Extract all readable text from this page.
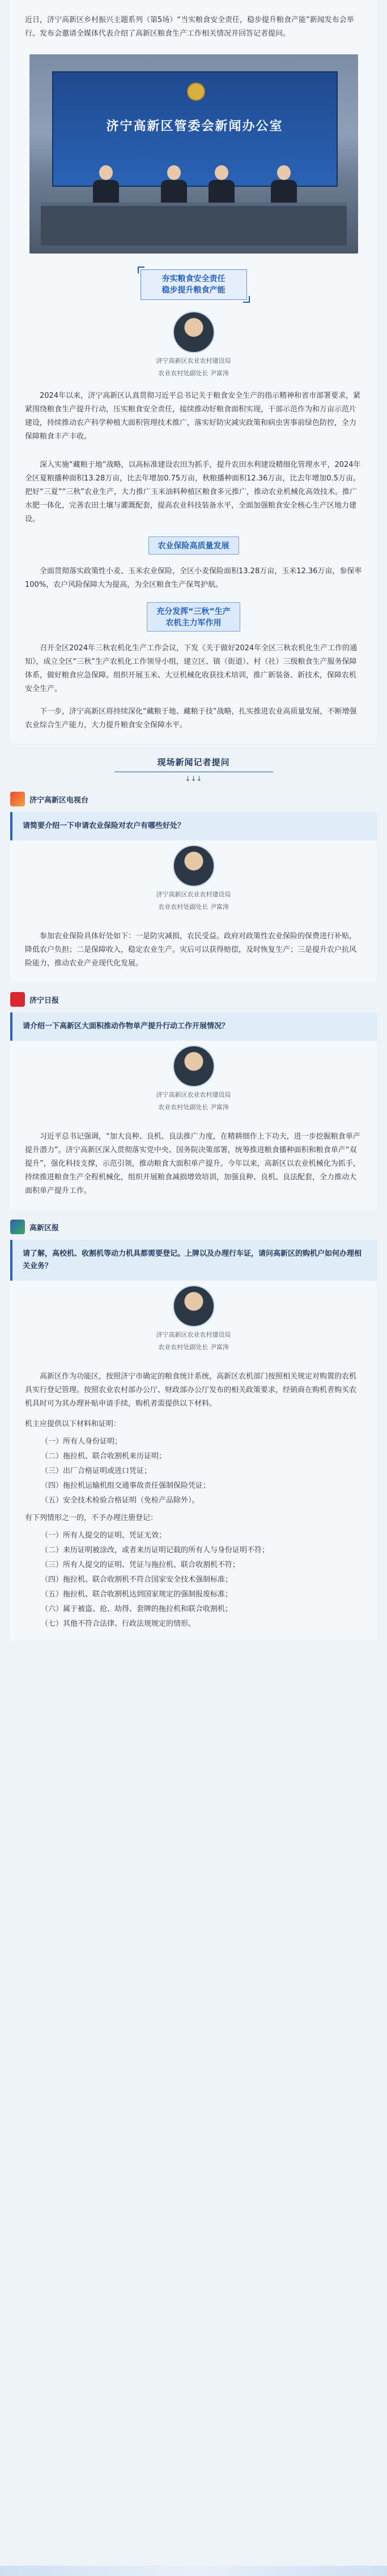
近日，济宁高新区乡村振兴主题系列（第5场）“当实粮食安全责任，稳步提升粮食产能”新闻发布会举行。发布会邀请全媒体代表介绍了高新区粮食生产工作相关情况并回答记者提问。
济宁高新区管委会新闻办公室
夯实粮食安全责任
稳步提升粮食产能
济宁高新区农业农村建设局
农业农村处副处长 尹富涛
2024年以来，济宁高新区认真贯彻习近平总书记关于粮食安全生产的指示精神和省市部署要求，紧紧围绕粮食生产提升行动，压实粮食安全责任，接续推动好粮食面积实现，干部示范作为和万亩示范片建设，持续推动农产科学种植大面积管理技术推广，落实好防灾减灾政策和病虫害事前绿色防控，全力保障粮食丰产丰收。
深入实施“藏粮于地”战略，以高标准建设农田为抓手，提升农田水利建设精细化管理水平，2024年全区夏粮播种面积13.28万亩，比去年增加0.75万亩，秋粮播种面积12.36万亩，比去年增加0.5万亩。把好“三夏”“三秋”农业生产，大力推广玉米油料种植区粮食多元推广，推动农业机械化高效技术。推广水肥一体化，完善农田土壤与灌溉配套，提高农业科技装备水平，全面加强粮食安全核心生产区地力建设。
农业保险高质量发展
全面贯彻落实政策性小麦、玉米农业保险，全区小麦保险面积13.28万亩，玉米12.36万亩，参保率100%，农户风险保障大为提高，为全区粮食生产保驾护航。
充分发挥“三秋”生产
农机主力军作用
召开全区2024年三秋农机化生产工作会议，下发《关于做好2024年全区三秋农机化生产工作的通知》，成立全区“三秋”生产农机化工作领导小组，建立区、镇（街道）、村（社）三级粮食生产服务保障体系，做好粮食应急保障。组织开展玉米、大豆机械化收获技术培训，推广新装备、新技术，保障农机安全生产。
下一步，济宁高新区将持续深化“藏粮于地、藏粮于技”战略，扎实推进农业高质量发展，不断增强农业综合生产能力，大力提升粮食安全保障水平。
现场新闻记者提问
↓↓↓
济宁高新区电视台
请简要介绍一下申请农业保险对农户有哪些好处？
济宁高新区农业农村建设局
农业农村处副处长 尹富涛
参加农业保险具体好处如下：一是防灾减损，农民受益。政府对政策性农业保险的保费进行补贴，降低农户负担；二是保障收入，稳定农业生产。灾后可以获得赔偿，及时恢复生产；三是提升农户抗风险能力，推动农业产业现代化发展。
济宁日报
请介绍一下高新区大面积推动作物单产提升行动工作开展情况？
济宁高新区农业农村建设局
农业农村处副处长 尹富涛
习近平总书记强调，“加大良种、良机、良法推广力度，在精耕细作上下功夫，进一步挖掘粮食单产提升潜力”。济宁高新区深入贯彻落实党中央、国务院决策部署，统筹推进粮食播种面积和粮食单产“双提升”，强化科技支撑，示范引领，推动粮食大面积单产提升。今年以来，高新区以农业机械化为抓手，持续推进粮食生产全程机械化，组织开展粮食减损增效培训，加强良种、良机、良法配套，全力推动大面积单产提升工作。
高新区报
请了解，高校机、收割机等动力机具都需要登记。上牌以及办理行车证，请问高新区的购机户如何办理相关业务？
济宁高新区农业农村建设局
农业农村处副处长 尹富涛
高新区作为功能区，按照济宁市确定的粮食统计系统，高新区农机部门按照相关规定对购置的农机具实行登记管理。按照农业农村部办公厅、财政部办公厅发布的相关政策要求，经销商在购机者购买农机具时可为其办理补贴申请手续，购机者需提供以下材料。
机主应提供以下材料和证明：
（一）所有人身份证明；
（二）拖拉机、联合收割机来历证明；
（三）出厂合格证明或进口凭证；
（四）拖拉机运输机组交通事故责任强制保险凭证；
（五）安全技术检验合格证明（免检产品除外）。
有下列情形之一的，不予办理注册登记：
（一）所有人提交的证明、凭证无效；
（二）来历证明被涂改，或者来历证明记载的所有人与身份证明不符；
（三）所有人提交的证明、凭证与拖拉机、联合收割机不符；
（四）拖拉机、联合收割机不符合国家安全技术强制标准；
（五）拖拉机、联合收割机达到国家规定的强制报废标准；
（六）属于被盗、抢、劫得、套牌的拖拉机和联合收割机；
（七）其他不符合法律、行政法规规定的情形。
